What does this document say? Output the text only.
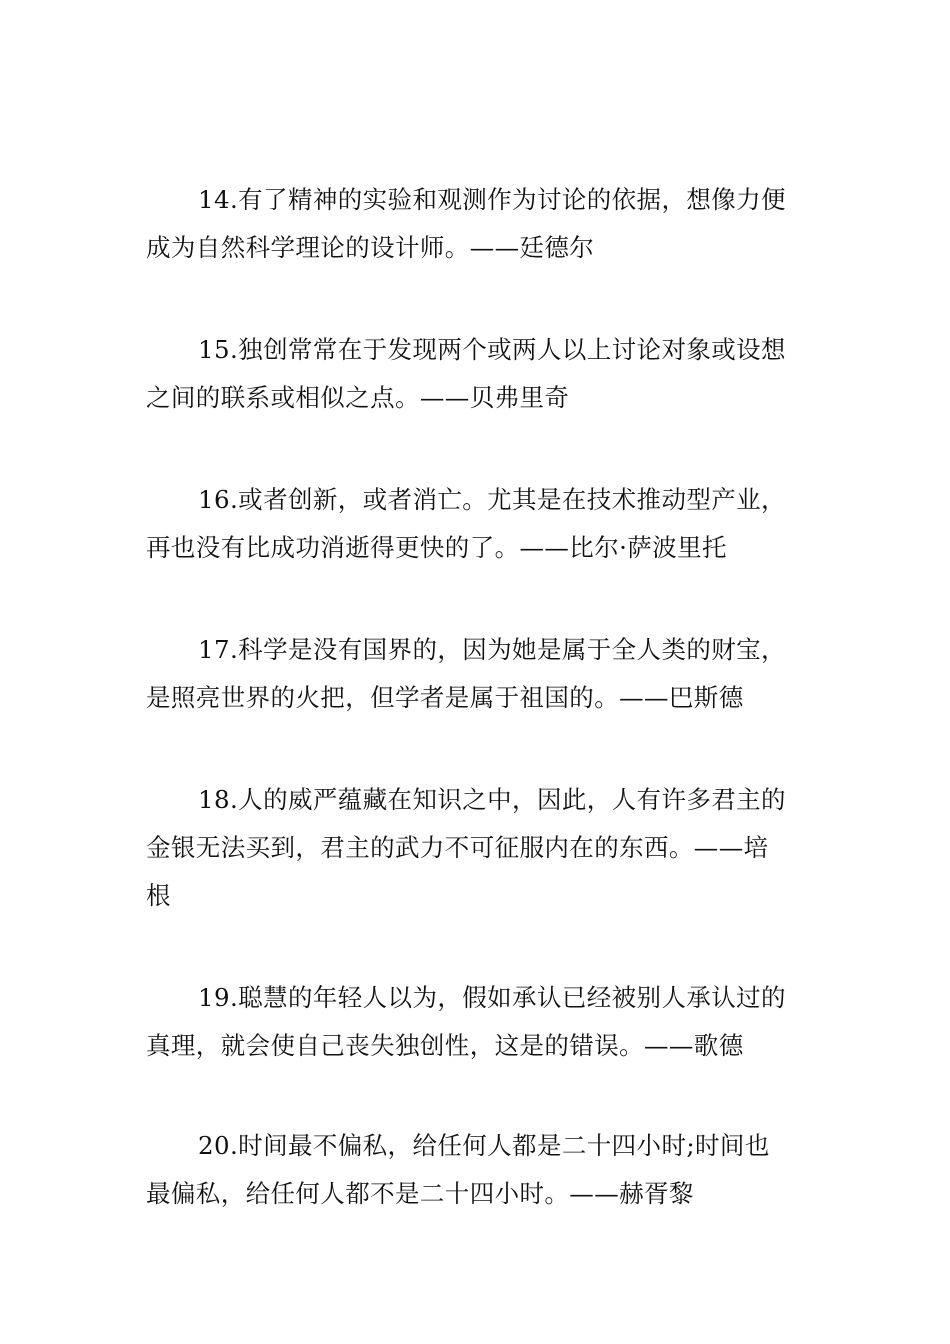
14.有了精神的实验和观测作为讨论的依据，想像力便
成为自然科学理论的设计师。——廷德尔
15.独创常常在于发现两个或两人以上讨论对象或设想
之间的联系或相似之点。——贝弗里奇
16.或者创新，或者消亡。尤其是在技术推动型产业，
再也没有比成功消逝得更快的了。——比尔·萨波里托
17.科学是没有国界的，因为她是属于全人类的财宝，
是照亮世界的火把，但学者是属于祖国的。——巴斯德
18.人的威严蕴藏在知识之中，因此，人有许多君主的
金银无法买到，君主的武力不可征服内在的东西。——培
根
19.聪慧的年轻人以为，假如承认已经被别人承认过的
真理，就会使自己丧失独创性，这是的错误。——歌德
20.时间最不偏私，给任何人都是二十四小时;时间也
最偏私，给任何人都不是二十四小时。——赫胥黎
